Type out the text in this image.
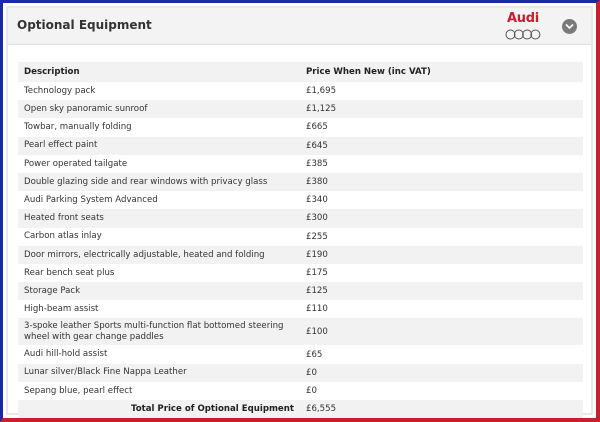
Optional Equipment	Audi
Description	Price When New (inc VAT)
Technology pack	£1,695
Open sky panoramic sunroof	£1,125
Towbar, manually folding	£665
Pearl effect paint	£645
Power operated tailgate	£385
Double glazing side and rear windows with privacy glass	£380
Audi Parking System Advanced	£340
Heated front seats	£300
Carbon atlas inlay	£255
Door mirrors, electrically adjustable, heated and folding	£190
Rear bench seat plus	£175
Storage Pack	£125
High-beam assist	£110
3-spoke leather Sports multi-function flat bottomed steering wheel with gear change paddles	£100
Audi hill-hold assist	£65
Lunar silver/Black Fine Nappa Leather	£0
Sepang blue, pearl effect	£0
Total Price of Optional Equipment	£6,555
